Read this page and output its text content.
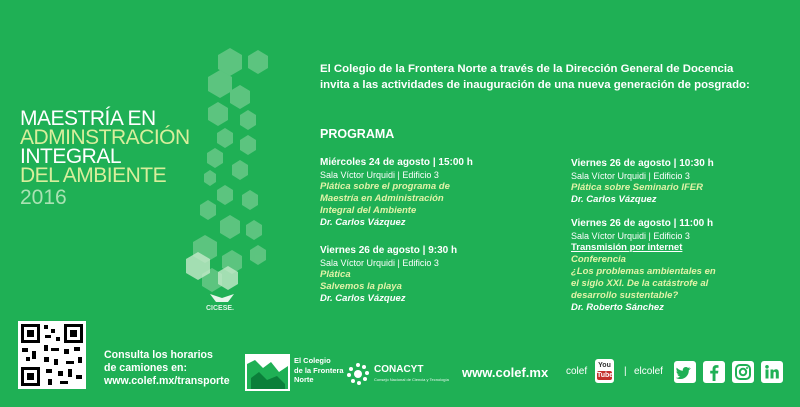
MAESTRÍA EN
ADMINSTRACIÓN
INTEGRAL
DEL AMBIENTE
2016
CICESE.
El Colegio de la Frontera Norte a través de la Dirección General de Docencia
invita a las actividades de inauguración de una nueva generación de posgrado:
PROGRAMA
Miércoles 24 de agosto | 15:00 h
Sala Víctor Urquidi | Edificio 3
Plática sobre el programa de
Maestría en Administración
Integral del Ambiente
Dr. Carlos Vázquez
Viernes 26 de agosto | 9:30 h
Sala Víctor Urquidi | Edificio 3
Plática
Salvemos la playa
Dr. Carlos Vázquez
Viernes 26 de agosto | 10:30 h
Sala Víctor Urquidi | Edificio 3
Plática sobre Seminario IFER
Dr. Carlos Vázquez
Viernes 26 de agosto | 11:00 h
Sala Víctor Urquidi | Edificio 3
Transmisión por internet
Conferencia
¿Los problemas ambientales en
el siglo XXI. De la catástrofe al
desarrollo sustentable?
Dr. Roberto Sánchez
Consulta los horarios
de camiones en:
www.colef.mx/transporte
El Colegio
de la Frontera
Norte
CONACYT
Consejo Nacional de Ciencia y Tecnología www.colef.mx colef
You
Tube | elcolef
